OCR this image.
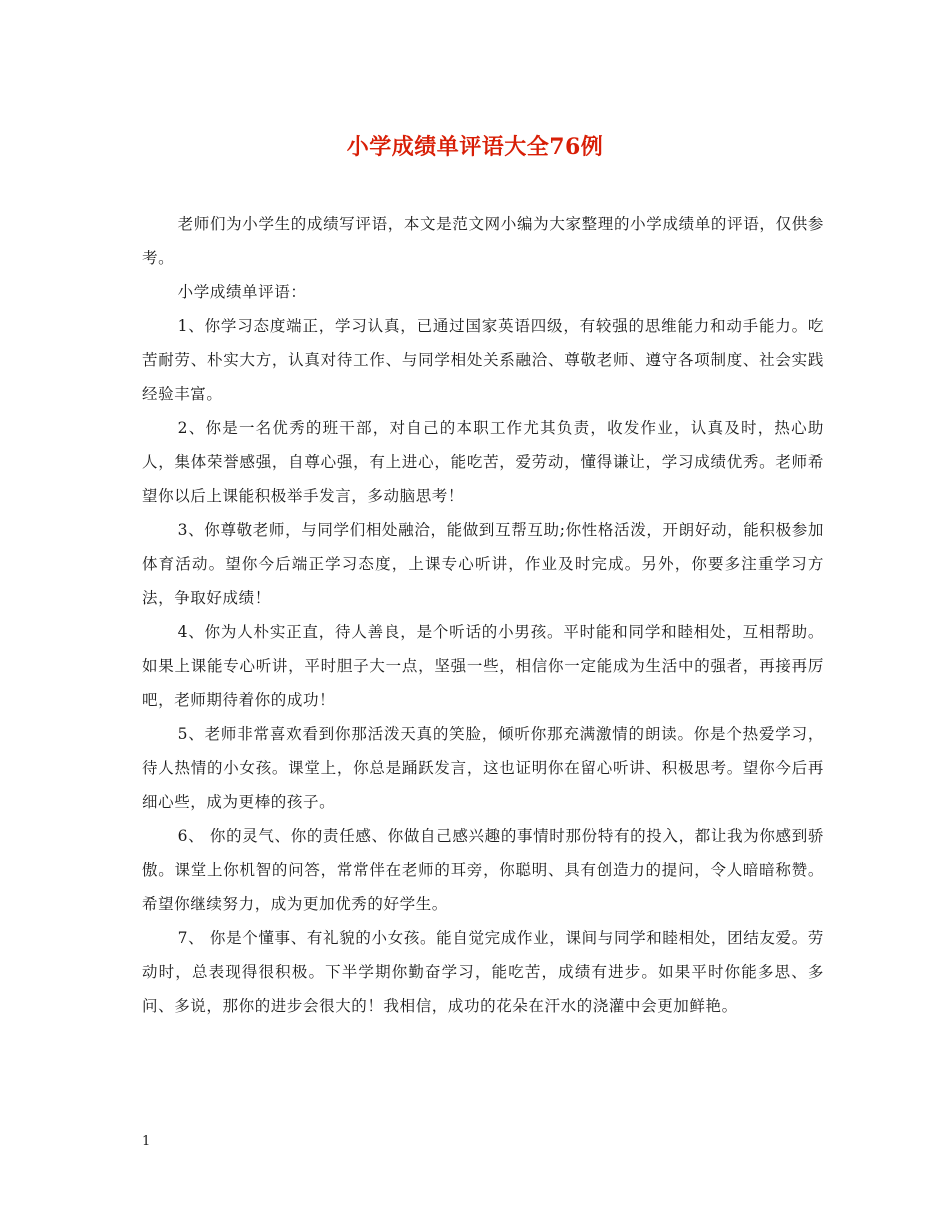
小学成绩单评语大全76例

老师们为小学生的成绩写评语，本文是范文网小编为大家整理的小学成绩单的评语，仅供参考。

小学成绩单评语：

1、你学习态度端正，学习认真，已通过国家英语四级，有较强的思维能力和动手能力。吃苦耐劳、朴实大方，认真对待工作、与同学相处关系融洽、尊敬老师、遵守各项制度、社会实践经验丰富。

2、你是一名优秀的班干部，对自己的本职工作尤其负责，收发作业，认真及时，热心助人，集体荣誉感强，自尊心强，有上进心，能吃苦，爱劳动，懂得谦让，学习成绩优秀。老师希望你以后上课能积极举手发言，多动脑思考！

3、你尊敬老师，与同学们相处融洽，能做到互帮互助;你性格活泼，开朗好动，能积极参加体育活动。望你今后端正学习态度，上课专心听讲，作业及时完成。另外，你要多注重学习方法，争取好成绩！

4、你为人朴实正直，待人善良，是个听话的小男孩。平时能和同学和睦相处，互相帮助。如果上课能专心听讲，平时胆子大一点，坚强一些，相信你一定能成为生活中的强者，再接再厉吧，老师期待着你的成功！

5、老师非常喜欢看到你那活泼天真的笑脸，倾听你那充满激情的朗读。你是个热爱学习，待人热情的小女孩。课堂上，你总是踊跃发言，这也证明你在留心听讲、积极思考。望你今后再细心些，成为更棒的孩子。

6、 你的灵气、你的责任感、你做自己感兴趣的事情时那份特有的投入，都让我为你感到骄傲。课堂上你机智的问答，常常伴在老师的耳旁，你聪明、具有创造力的提问，令人暗暗称赞。希望你继续努力，成为更加优秀的好学生。

7、 你是个懂事、有礼貌的小女孩。能自觉完成作业，课间与同学和睦相处，团结友爱。劳动时，总表现得很积极。下半学期你勤奋学习，能吃苦，成绩有进步。如果平时你能多思、多问、多说，那你的进步会很大的！我相信，成功的花朵在汗水的浇灌中会更加鲜艳。

1
